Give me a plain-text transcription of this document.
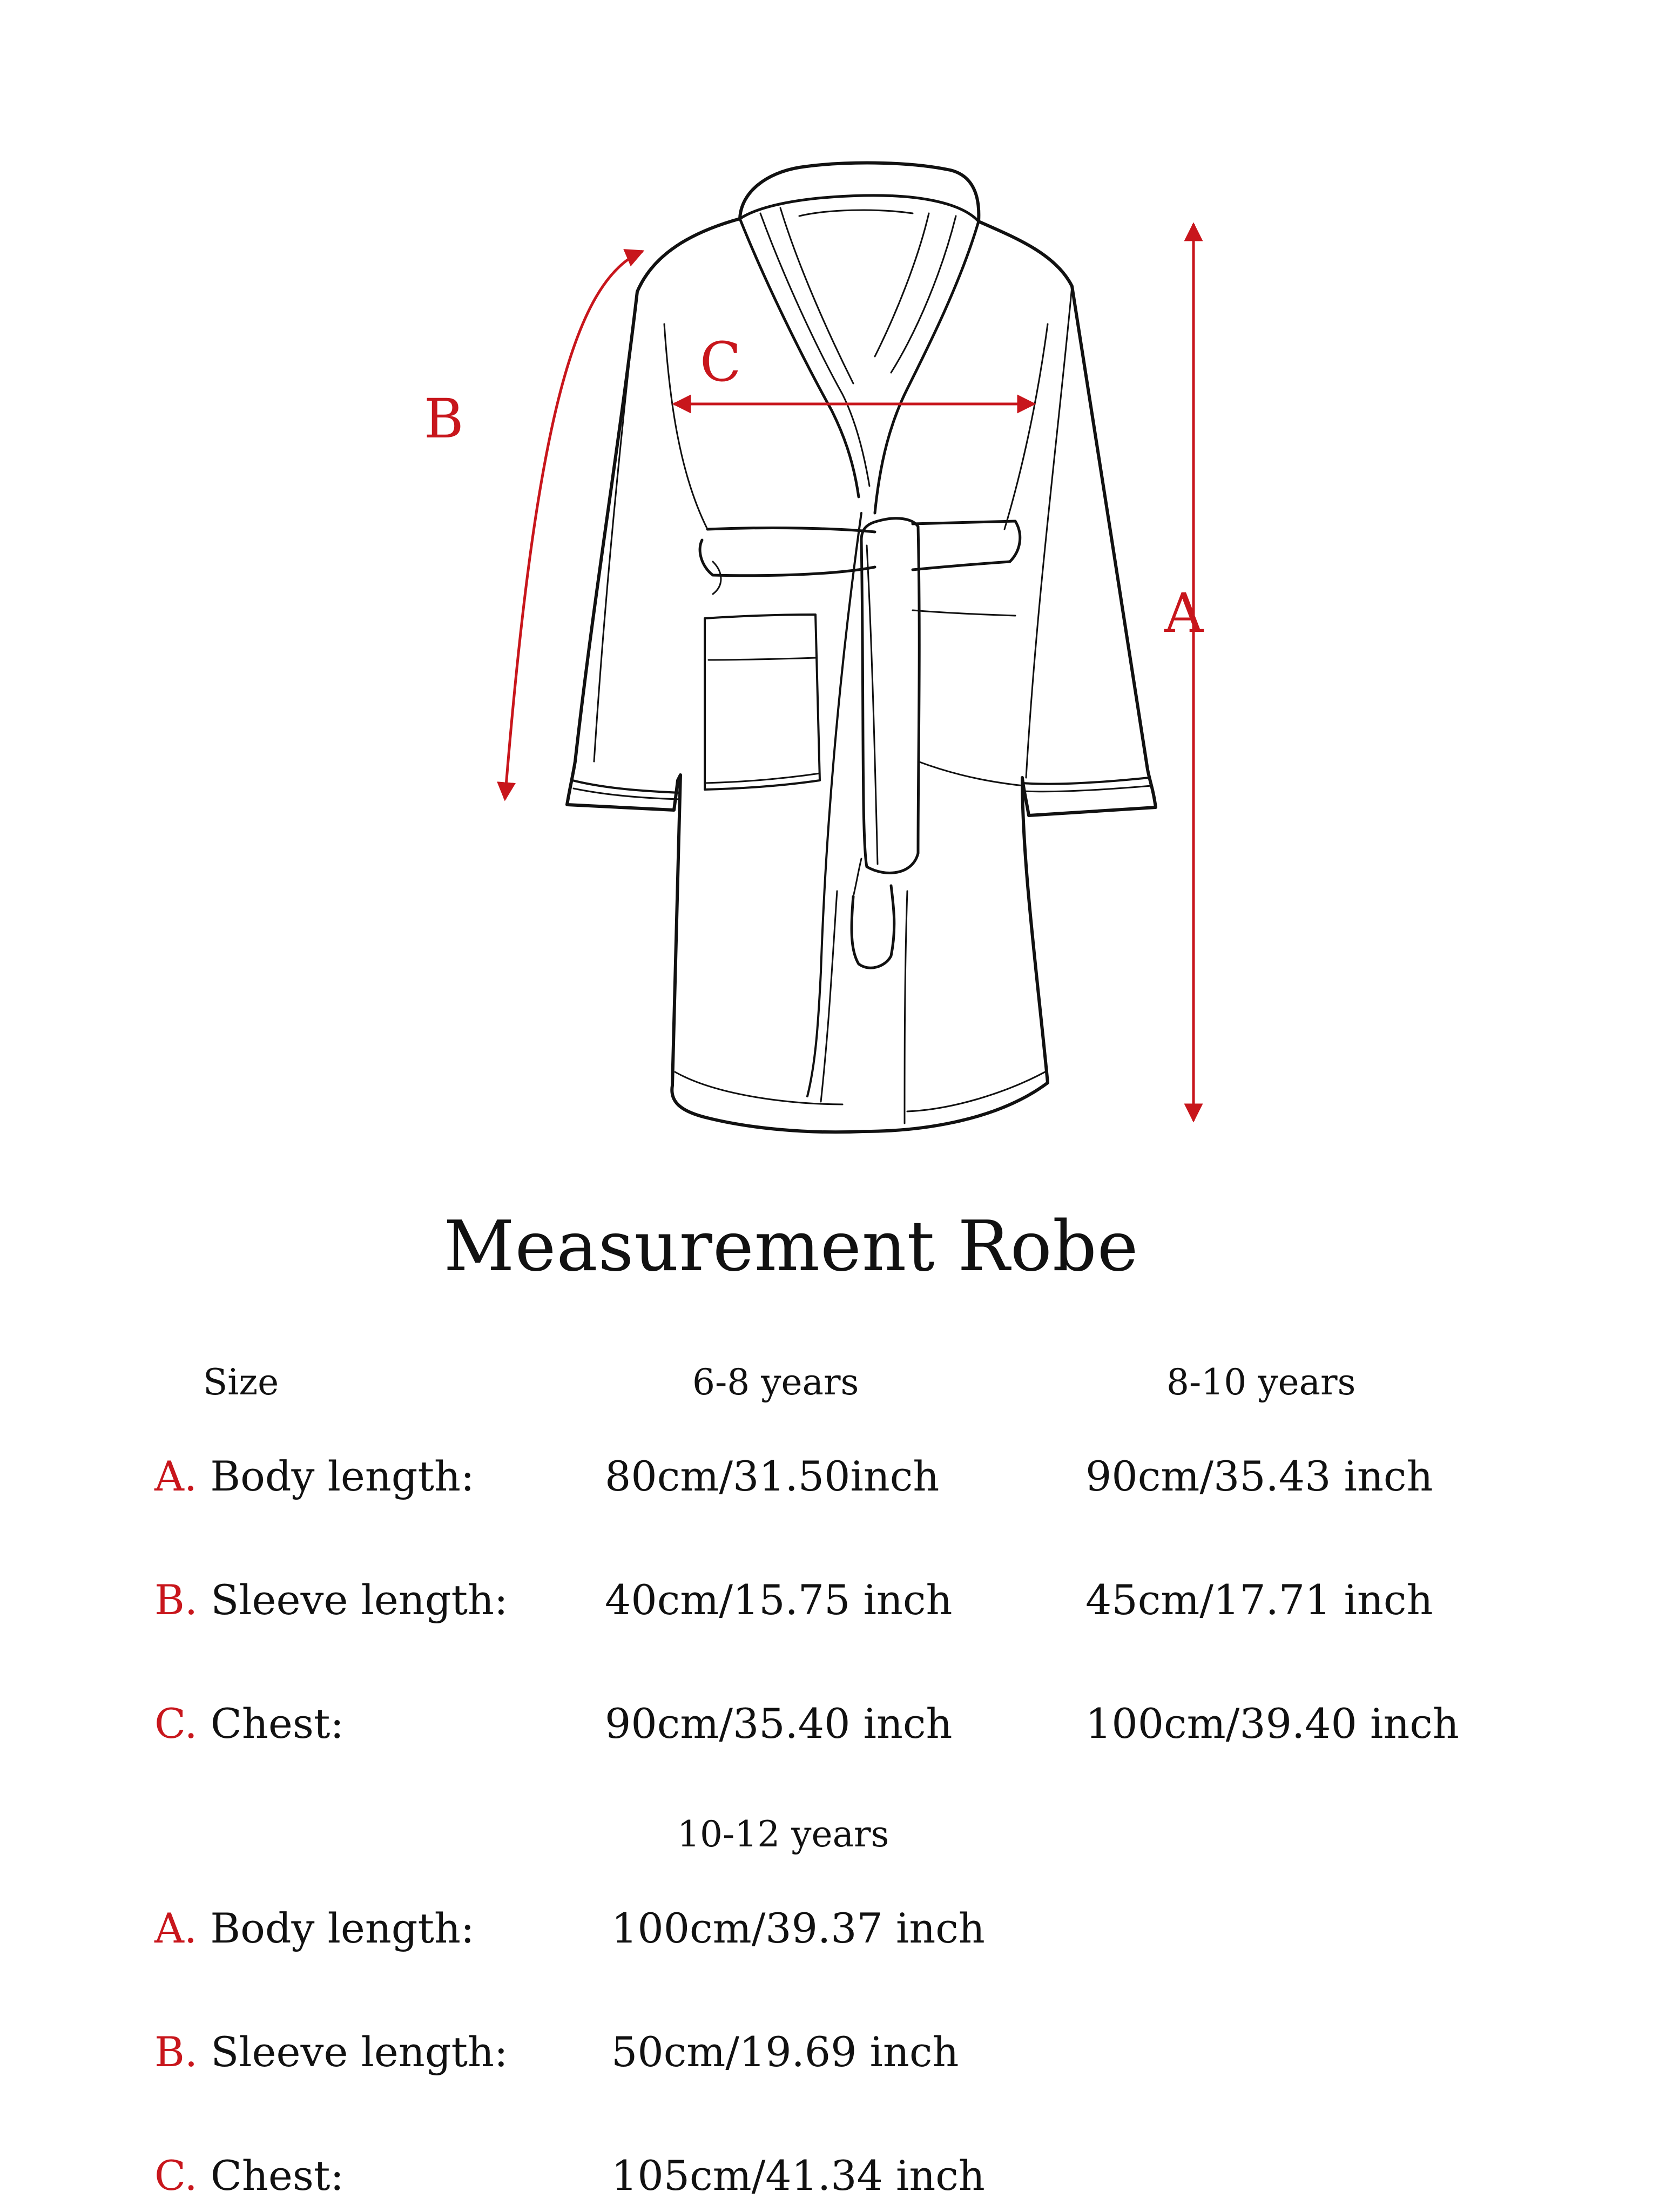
A
B
C
Measurement Robe
Size	6-8 years	8-10 years
A. Body length:	80cm/31.50inch	90cm/35.43 inch
B. Sleeve length: 40cm/15.75 inch	45cm/17.71 inch
C. Chest:	90cm/35.40 inch	100cm/39.40 inch
10-12 years
A. Body length:	100cm/39.37 inch
B. Sleeve length:	50cm/19.69 inch
C. Chest:	105cm/41.34 inch
